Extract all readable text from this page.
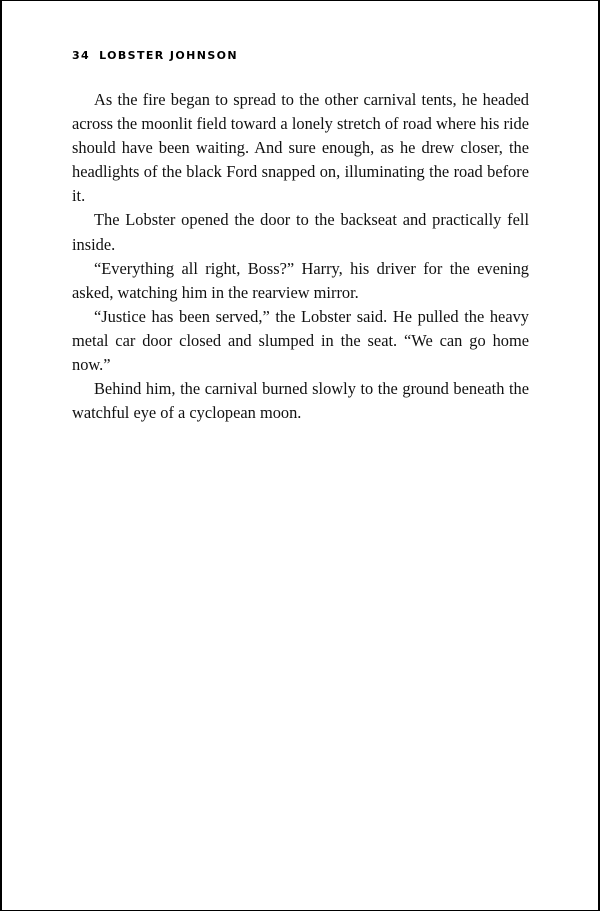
34 LOBSTER JOHNSON

As the fire began to spread to the other carnival tents, he headed across the moonlit field toward a lonely stretch of road where his ride should have been waiting. And sure enough, as he drew closer, the headlights of the black Ford snapped on, illuminating the road before it.

The Lobster opened the door to the backseat and practically fell inside.

“Everything all right, Boss?” Harry, his driver for the evening asked, watching him in the rearview mirror.

“Justice has been served,” the Lobster said. He pulled the heavy metal car door closed and slumped in the seat. “We can go home now.”

Behind him, the carnival burned slowly to the ground beneath the watchful eye of a cyclopean moon.
